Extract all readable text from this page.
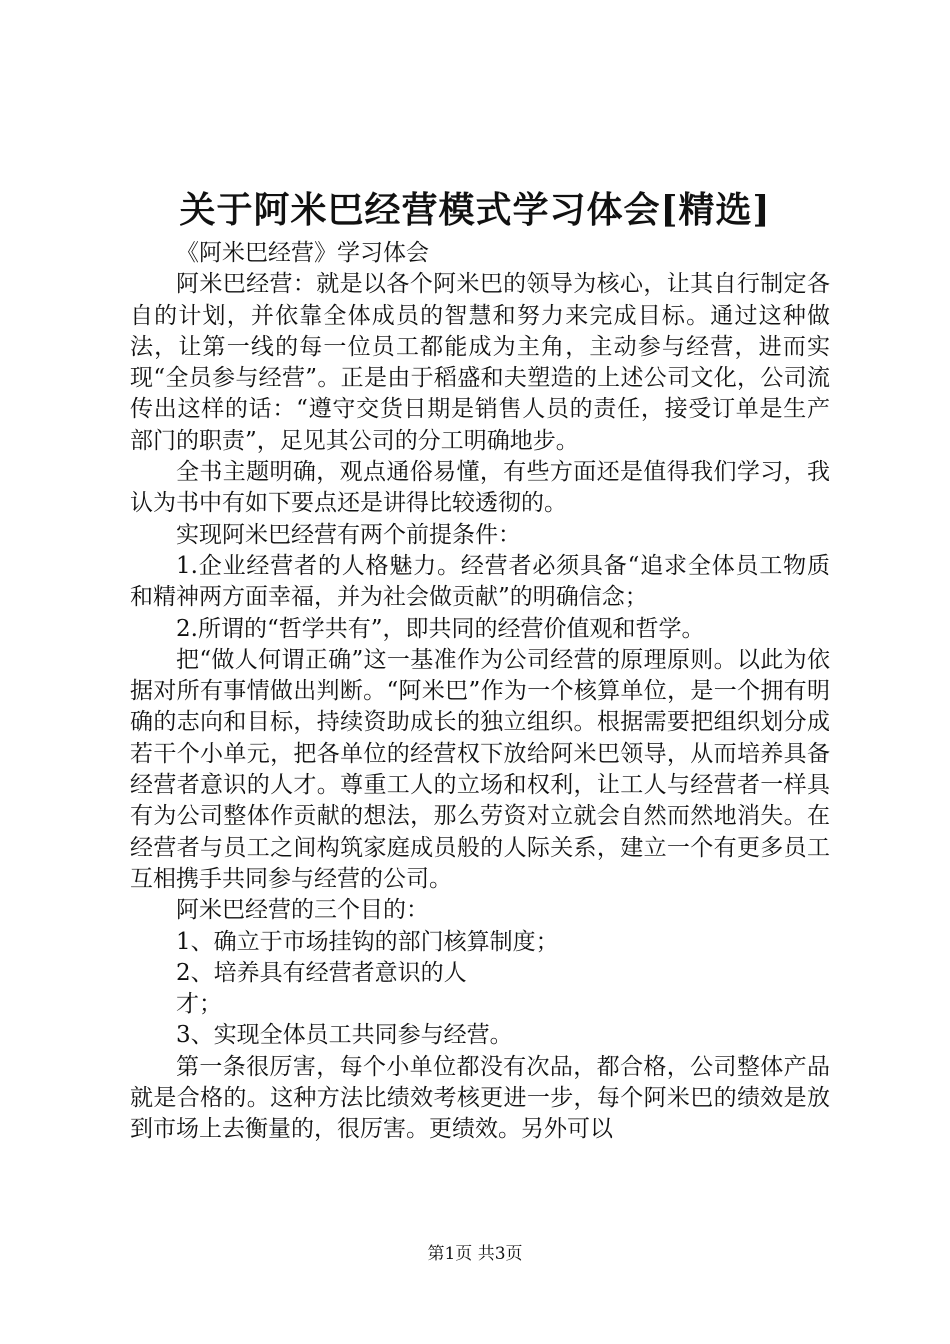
关于阿米巴经营模式学习体会[精选]

《阿米巴经营》学习体会

阿米巴经营：就是以各个阿米巴的领导为核心，让其自行制定各自的计划，并依靠全体成员的智慧和努力来完成目标。通过这种做法，让第一线的每一位员工都能成为主角，主动参与经营，进而实现“全员参与经营”。正是由于稻盛和夫塑造的上述公司文化，公司流传出这样的话：“遵守交货日期是销售人员的责任，接受订单是生产部门的职责”，足见其公司的分工明确地步。

全书主题明确，观点通俗易懂，有些方面还是值得我们学习，我认为书中有如下要点还是讲得比较透彻的。

实现阿米巴经营有两个前提条件：

1.企业经营者的人格魅力。经营者必须具备“追求全体员工物质和精神两方面幸福，并为社会做贡献”的明确信念；

2.所谓的“哲学共有”，即共同的经营价值观和哲学。

把“做人何谓正确”这一基准作为公司经营的原理原则。以此为依据对所有事情做出判断。“阿米巴”作为一个核算单位，是一个拥有明确的志向和目标，持续资助成长的独立组织。根据需要把组织划分成若干个小单元，把各单位的经营权下放给阿米巴领导，从而培养具备经营者意识的人才。尊重工人的立场和权利，让工人与经营者一样具有为公司整体作贡献的想法，那么劳资对立就会自然而然地消失。在经营者与员工之间构筑家庭成员般的人际关系，建立一个有更多员工互相携手共同参与经营的公司。

阿米巴经营的三个目的：

1、确立于市场挂钩的部门核算制度；

2、培养具有经营者意识的人

才；

3、实现全体员工共同参与经营。

第一条很厉害，每个小单位都没有次品，都合格，公司整体产品就是合格的。这种方法比绩效考核更进一步，每个阿米巴的绩效是放到市场上去衡量的，很厉害。更绩效。另外可以

第1页 共3页
